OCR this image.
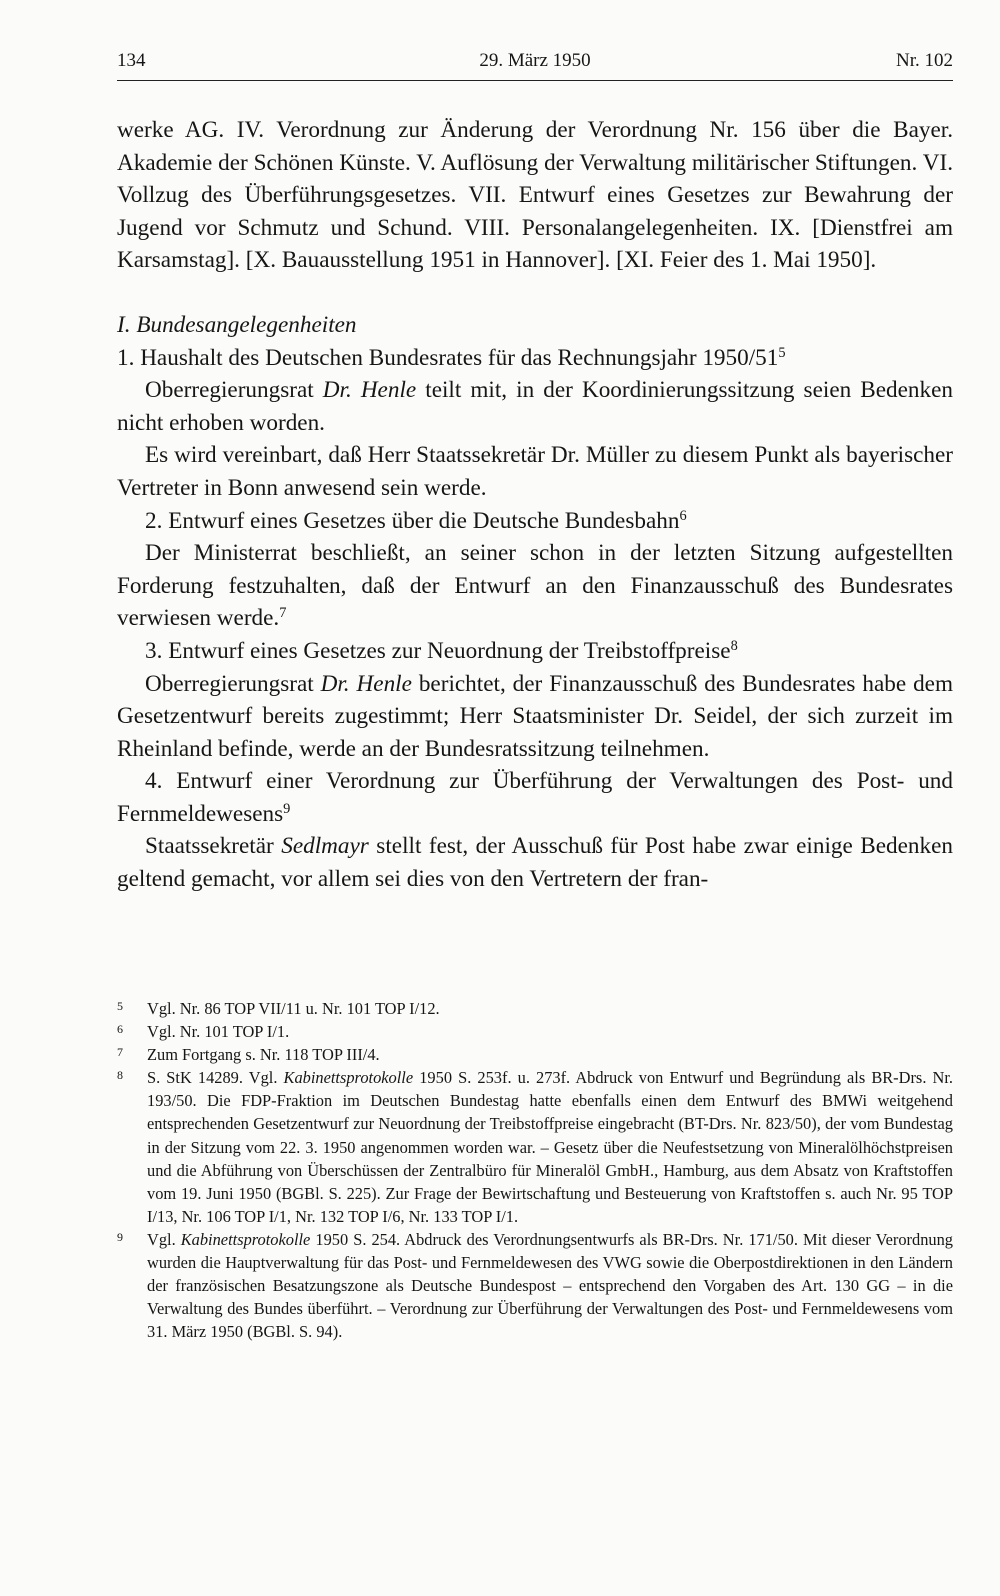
134	29. März 1950	Nr. 102

werke AG. IV. Verordnung zur Änderung der Verordnung Nr. 156 über die Bayer. Akademie der Schönen Künste. V. Auflösung der Verwaltung militärischer Stiftungen. VI. Vollzug des Überführungsgesetzes. VII. Entwurf eines Gesetzes zur Bewahrung der Jugend vor Schmutz und Schund. VIII. Personalangelegenheiten. IX. [Dienstfrei am Karsamstag]. [X. Bauausstellung 1951 in Hannover]. [XI. Feier des 1. Mai 1950].

I. Bundesangelegenheiten

1. Haushalt des Deutschen Bundesrates für das Rechnungsjahr $1950/51^5$

Oberregierungsrat Dr. Henle teilt mit, in der Koordinierungssitzung seien Bedenken nicht erhoben worden.

Es wird vereinbart, daß Herr Staatssekretär Dr. Müller zu diesem Punkt als bayerischer Vertreter in Bonn anwesend sein werde.

2. Entwurf eines Gesetzes über die Deutsche Bundesbahn$^6$

Der Ministerrat beschließt, an seiner schon in der letzten Sitzung aufgestellten Forderung festzuhalten, daß der Entwurf an den Finanzausschuß des Bundesrates verwiesen werde.$^7$

3. Entwurf eines Gesetzes zur Neuordnung der Treibstoffpreise$^8$

Oberregierungsrat Dr. Henle berichtet, der Finanzausschuß des Bundesrates habe dem Gesetzentwurf bereits zugestimmt; Herr Staatsminister Dr. Seidel, der sich zurzeit im Rheinland befinde, werde an der Bundesratssitzung teilnehmen.

4. Entwurf einer Verordnung zur Überführung der Verwaltungen des Post- und Fernmeldewesens$^9$

Staatssekretär Sedlmayr stellt fest, der Ausschuß für Post habe zwar einige Bedenken geltend gemacht, vor allem sei dies von den Vertretern der fran-

5 Vgl. Nr. 86 TOP VII/11 u. Nr. 101 TOP I/12.

6 Vgl. Nr. 101 TOP I/1.

7 Zum Fortgang s. Nr. 118 TOP III/4.

8 S. StK 14289. Vgl. Kabinettsprotokolle 1950 S. 253f. u. 273f. Abdruck von Entwurf und Begründung als BR-Drs. Nr. 193/50. Die FDP-Fraktion im Deutschen Bundestag hatte ebenfalls einen dem Entwurf des BMWi weitgehend entsprechenden Gesetzentwurf zur Neuordnung der Treibstoffpreise eingebracht (BT-Drs. Nr. 823/50), der vom Bundestag in der Sitzung vom 22. 3. 1950 angenommen worden war. – Gesetz über die Neufestsetzung von Mineralölhöchstpreisen und die Abführung von Überschüssen der Zentralbüro für Mineralöl GmbH., Hamburg, aus dem Absatz von Kraftstoffen vom 19. Juni 1950 (BGBl. S. 225). Zur Frage der Bewirtschaftung und Besteuerung von Kraftstoffen s. auch Nr. 95 TOP I/13, Nr. 106 TOP I/1, Nr. 132 TOP I/6, Nr. 133 TOP I/1.

9 Vgl. Kabinettsprotokolle 1950 S. 254. Abdruck des Verordnungsentwurfs als BR-Drs. Nr. 171/50. Mit dieser Verordnung wurden die Hauptverwaltung für das Post- und Fernmeldewesen des VWG sowie die Oberpostdirektionen in den Ländern der französischen Besatzungszone als Deutsche Bundespost – entsprechend den Vorgaben des Art. 130 GG – in die Verwaltung des Bundes überführt. – Verordnung zur Überführung der Verwaltungen des Post- und Fernmeldewesens vom 31. März 1950 (BGBl. S. 94).
